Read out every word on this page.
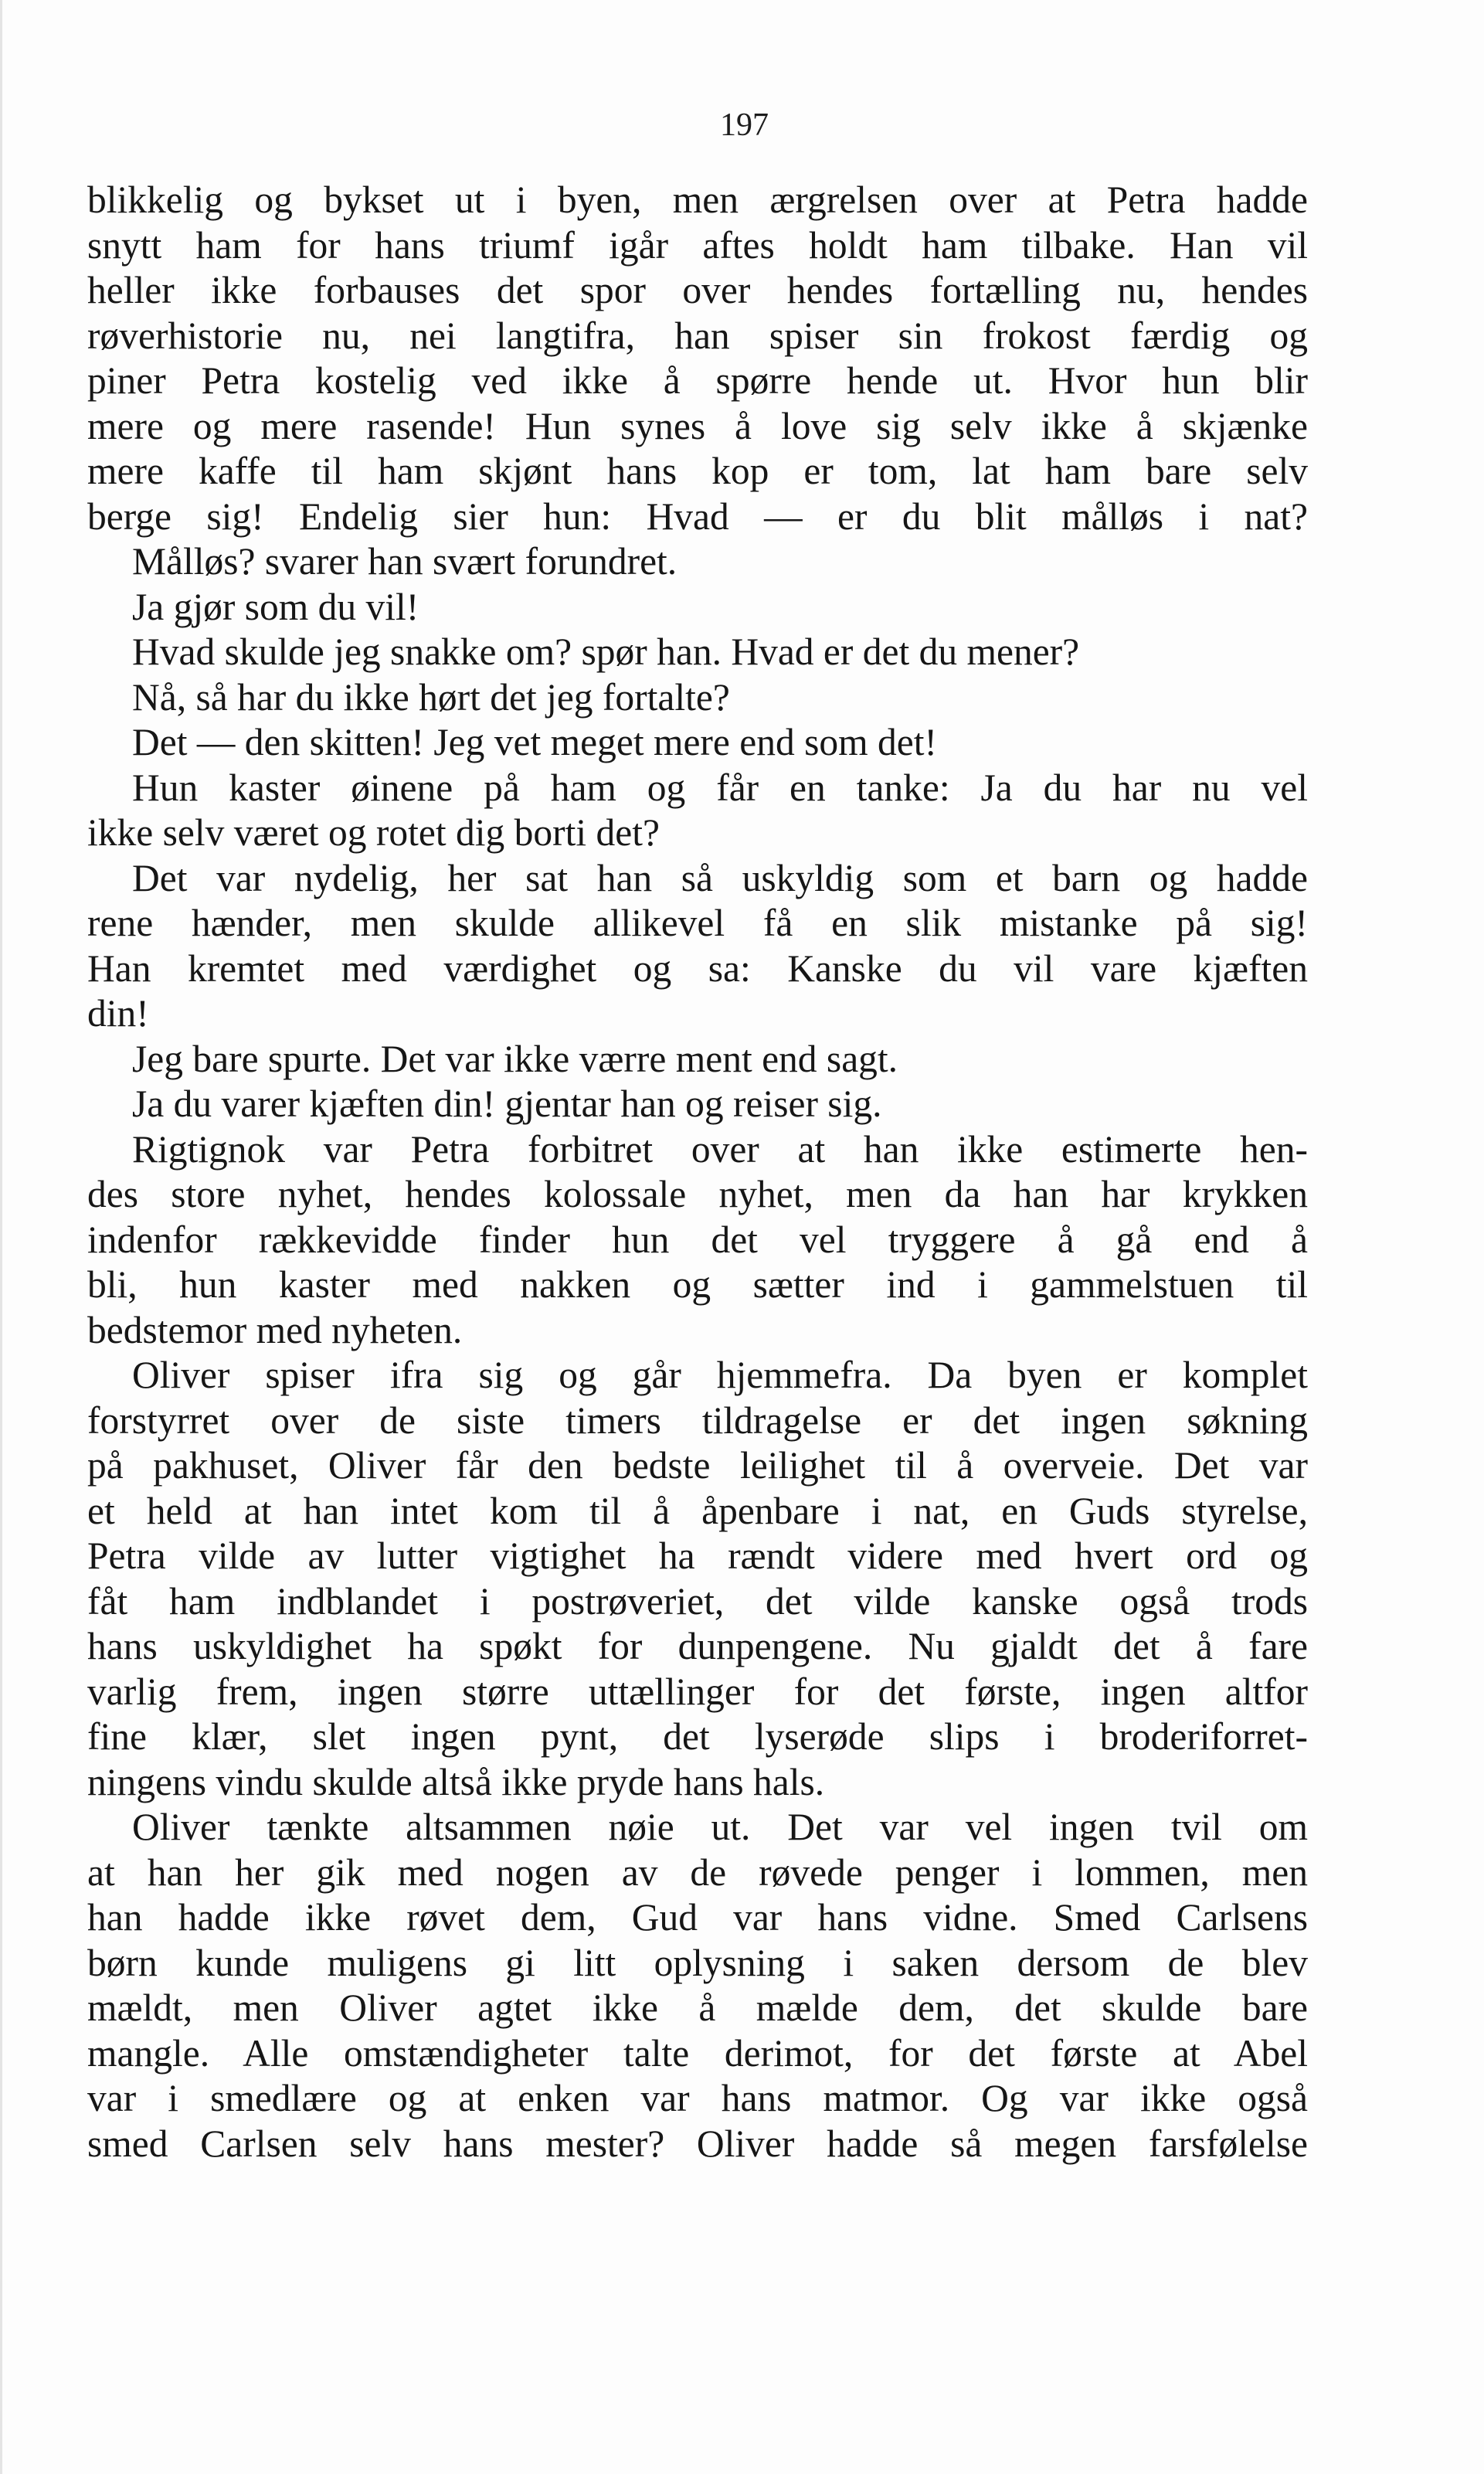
197
blikkelig og bykset ut i byen, men ærgrelsen over at Petra hadde
snytt ham for hans triumf igår aftes holdt ham tilbake. Han vil
heller ikke forbauses det spor over hendes fortælling nu, hendes
røverhistorie nu, nei langtifra, han spiser sin frokost færdig og
piner Petra kostelig ved ikke å spørre hende ut. Hvor hun blir
mere og mere rasende! Hun synes å love sig selv ikke å skjænke
mere kaffe til ham skjønt hans kop er tom, lat ham bare selv
berge sig! Endelig sier hun: Hvad — er du blit målløs i nat?
Målløs? svarer han svært forundret.
Ja gjør som du vil!
Hvad skulde jeg snakke om? spør han. Hvad er det du mener?
Nå, så har du ikke hørt det jeg fortalte?
Det — den skitten! Jeg vet meget mere end som det!
Hun kaster øinene på ham og får en tanke: Ja du har nu vel
ikke selv været og rotet dig borti det?
Det var nydelig, her sat han så uskyldig som et barn og hadde
rene hænder, men skulde allikevel få en slik mistanke på sig!
Han kremtet med værdighet og sa: Kanske du vil vare kjæften
din!
Jeg bare spurte. Det var ikke værre ment end sagt.
Ja du varer kjæften din! gjentar han og reiser sig.
Rigtignok var Petra forbitret over at han ikke estimerte hen-
des store nyhet, hendes kolossale nyhet, men da han har krykken
indenfor rækkevidde finder hun det vel tryggere å gå end å
bli, hun kaster med nakken og sætter ind i gammelstuen til
bedstemor med nyheten.
Oliver spiser ifra sig og går hjemmefra. Da byen er komplet
forstyrret over de siste timers tildragelse er det ingen søkning
på pakhuset, Oliver får den bedste leilighet til å overveie. Det var
et held at han intet kom til å åpenbare i nat, en Guds styrelse,
Petra vilde av lutter vigtighet ha rændt videre med hvert ord og
fåt ham indblandet i postrøveriet, det vilde kanske også trods
hans uskyldighet ha spøkt for dunpengene. Nu gjaldt det å fare
varlig frem, ingen større uttællinger for det første, ingen altfor
fine klær, slet ingen pynt, det lyserøde slips i broderiforret-
ningens vindu skulde altså ikke pryde hans hals.
Oliver tænkte altsammen nøie ut. Det var vel ingen tvil om
at han her gik med nogen av de røvede penger i lommen, men
han hadde ikke røvet dem, Gud var hans vidne. Smed Carlsens
børn kunde muligens gi litt oplysning i saken dersom de blev
mældt, men Oliver agtet ikke å mælde dem, det skulde bare
mangle. Alle omstændigheter talte derimot, for det første at Abel
var i smedlære og at enken var hans matmor. Og var ikke også
smed Carlsen selv hans mester? Oliver hadde så megen farsfølelse
